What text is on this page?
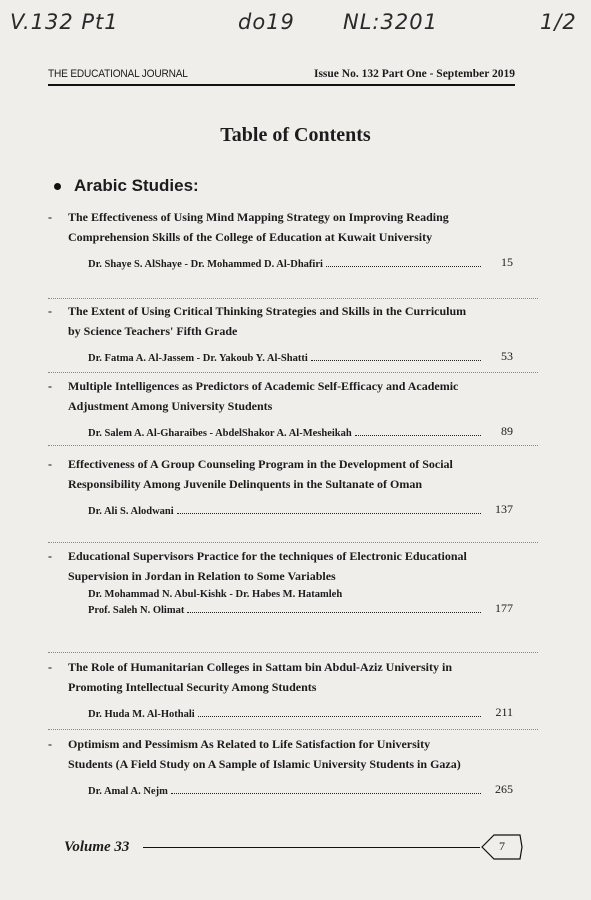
V.132 Pt1	do19 NL:3201	1/2
THE EDUCATIONAL JOURNAL	Issue No. 132 Part One - September 2019
Table of Contents
Arabic Studies:
-	The Effectiveness of Using Mind Mapping Strategy on Improving Reading Comprehension Skills of the College of Education at Kuwait University
Dr. Shaye S. AlShaye - Dr. Mohammed D. Al-Dhafiri	15
-	The Extent of Using Critical Thinking Strategies and Skills in the Curriculum by Science Teachers' Fifth Grade
Dr. Fatma A. Al-Jassem - Dr. Yakoub Y. Al-Shatti	53
-	Multiple Intelligences as Predictors of Academic Self-Efficacy and Academic Adjustment Among University Students
Dr. Salem A. Al-Gharaibes - AbdelShakor A. Al-Mesheikah	89
-	Effectiveness of A Group Counseling Program in the Development of Social Responsibility Among Juvenile Delinquents in the Sultanate of Oman
Dr. Ali S. Alodwani	137
-	Educational Supervisors Practice for the techniques of Electronic Educational Supervision in Jordan in Relation to Some Variables
Dr. Mohammad N. Abul-Kishk - Dr. Habes M. Hatamleh
Prof. Saleh N. Olimat	177
-	The Role of Humanitarian Colleges in Sattam bin Abdul-Aziz University in Promoting Intellectual Security Among Students
Dr. Huda M. Al-Hothali	211
-	Optimism and Pessimism As Related to Life Satisfaction for University Students (A Field Study on A Sample of Islamic University Students in Gaza)
Dr. Amal A. Nejm	265
Volume 33	7
